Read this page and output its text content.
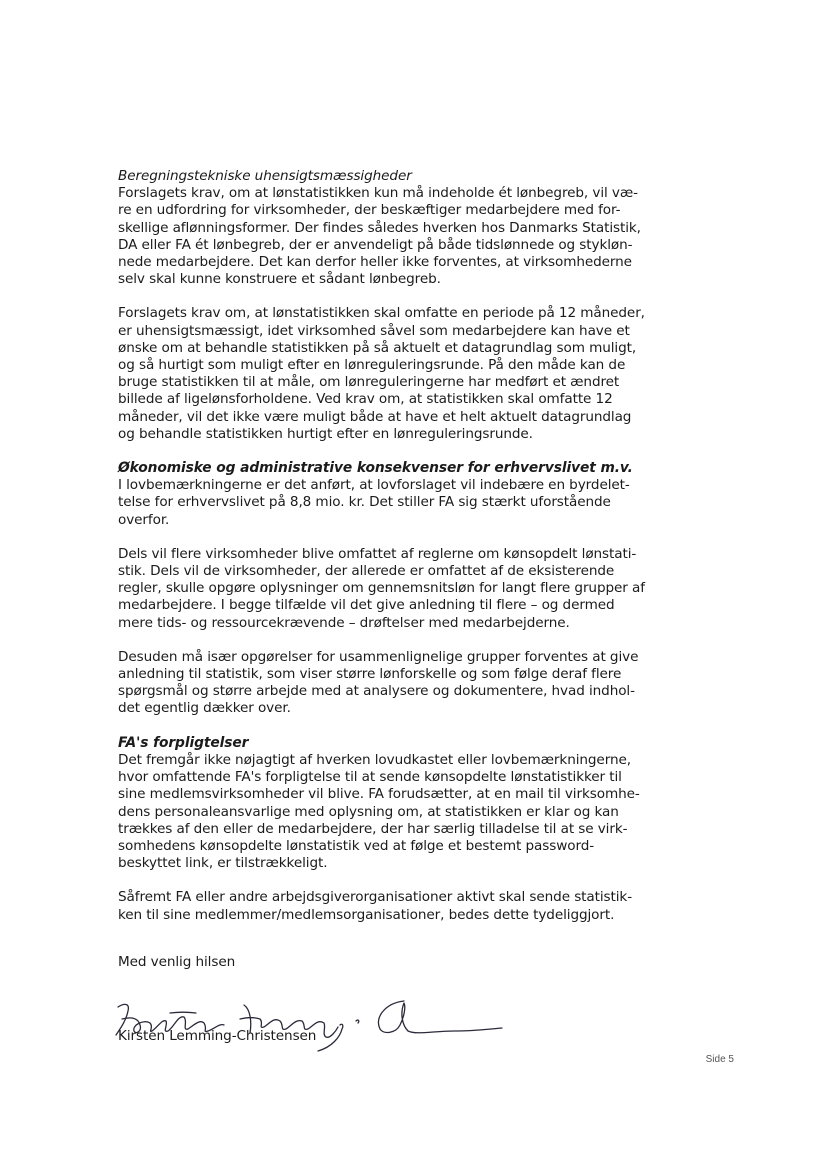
Beregningstekniske uhensigtsmæssigheder

Forslagets krav, om at lønstatistikken kun må indeholde ét lønbegreb, vil væ-
re en udfordring for virksomheder, der beskæftiger medarbejdere med for-
skellige aflønningsformer. Der findes således hverken hos Danmarks Statistik,
DA eller FA ét lønbegreb, der er anvendeligt på både tidslønnede og stykløn-
nede medarbejdere. Det kan derfor heller ikke forventes, at virksomhederne
selv skal kunne konstruere et sådant lønbegreb.

Forslagets krav om, at lønstatistikken skal omfatte en periode på 12 måneder,
er uhensigtsmæssigt, idet virksomhed såvel som medarbejdere kan have et
ønske om at behandle statistikken på så aktuelt et datagrundlag som muligt,
og så hurtigt som muligt efter en lønreguleringsrunde. På den måde kan de
bruge statistikken til at måle, om lønreguleringerne har medført et ændret
billede af ligelønsforholdene. Ved krav om, at statistikken skal omfatte 12
måneder, vil det ikke være muligt både at have et helt aktuelt datagrundlag
og behandle statistikken hurtigt efter en lønreguleringsrunde.

Økonomiske og administrative konsekvenser for erhvervslivet m.v.

I lovbemærkningerne er det anført, at lovforslaget vil indebære en byrdelet-
telse for erhvervslivet på 8,8 mio. kr. Det stiller FA sig stærkt uforstående
overfor.

Dels vil flere virksomheder blive omfattet af reglerne om kønsopdelt lønstati-
stik. Dels vil de virksomheder, der allerede er omfattet af de eksisterende
regler, skulle opgøre oplysninger om gennemsnitsløn for langt flere grupper af
medarbejdere. I begge tilfælde vil det give anledning til flere – og dermed
mere tids- og ressourcekrævende – drøftelser med medarbejderne.

Desuden må især opgørelser for usammenlignelige grupper forventes at give
anledning til statistik, som viser større lønforskelle og som følge deraf flere
spørgsmål og større arbejde med at analysere og dokumentere, hvad indhol-
det egentlig dækker over.

FA's forpligtelser

Det fremgår ikke nøjagtigt af hverken lovudkastet eller lovbemærkningerne,
hvor omfattende FA's forpligtelse til at sende kønsopdelte lønstatistikker til
sine medlemsvirksomheder vil blive. FA forudsætter, at en mail til virksomhe-
dens personaleansvarlige med oplysning om, at statistikken er klar og kan
trækkes af den eller de medarbejdere, der har særlig tilladelse til at se virk-
somhedens kønsopdelte lønstatistik ved at følge et bestemt password-
beskyttet link, er tilstrækkeligt.

Såfremt FA eller andre arbejdsgiverorganisationer aktivt skal sende statistik-
ken til sine medlemmer/medlemsorganisationer, bedes dette tydeliggjort.

Med venlig hilsen

Kirsten Lemming-Christensen

Side 5
